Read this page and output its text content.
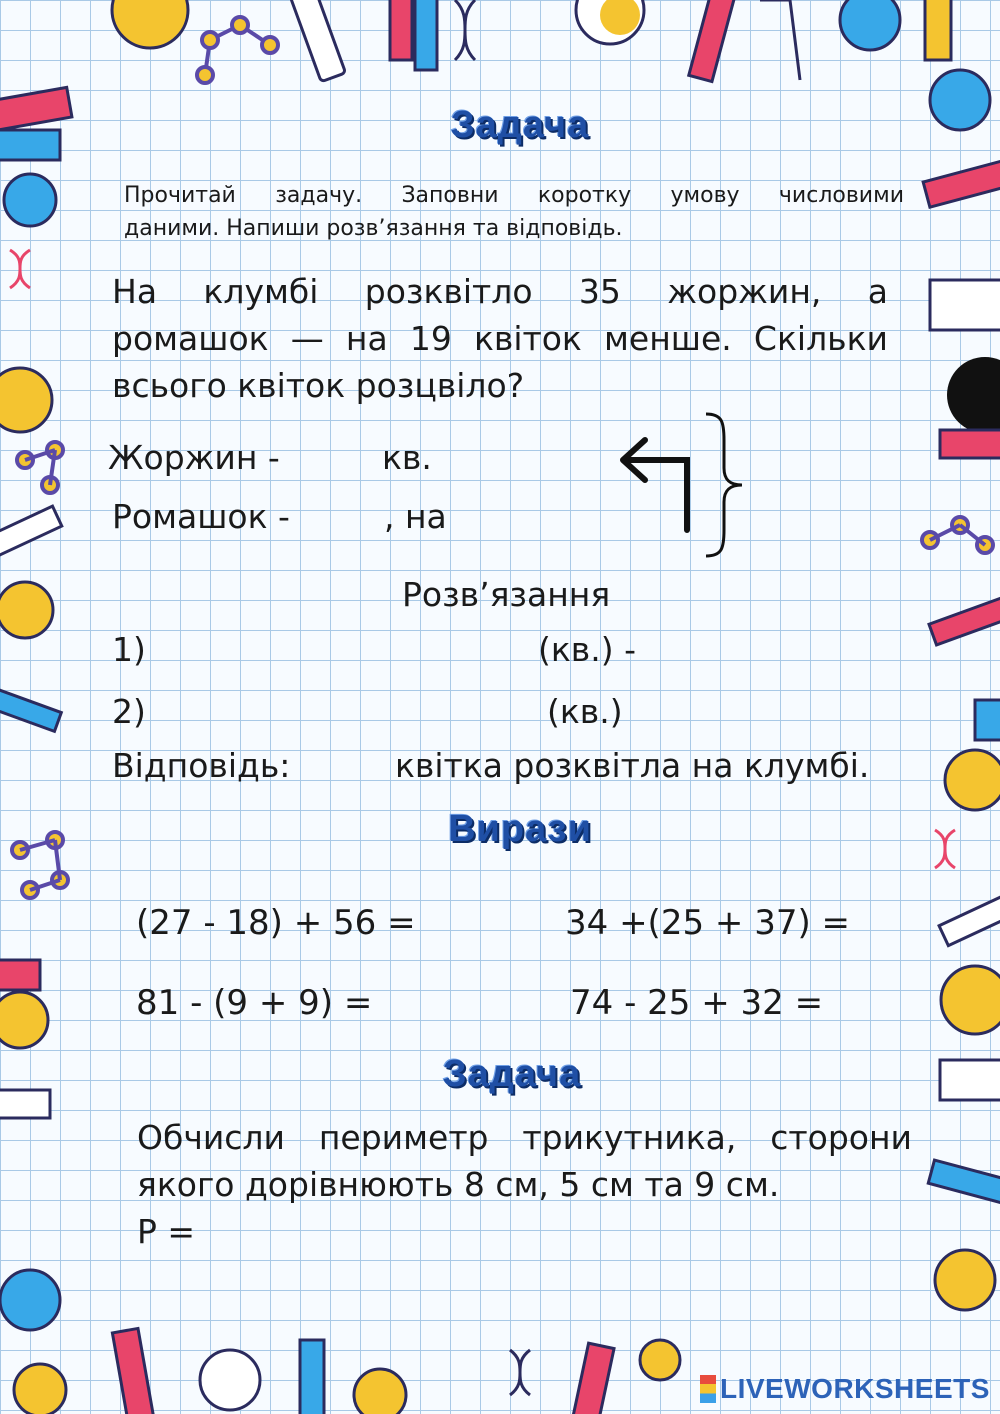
Задача
Прочитай задачу. Заповни коротку умову числовими
даними. Напиши розв’язання та відповідь.
На клумбі розквітло 35 жоржин, а
ромашок — на 19 квіток менше. Скільки
всього квіток розцвіло?
Жоржин -	кв.
Ромашок -	, на
Розв’язання
1)	(кв.) -
2)	(кв.)
Відповідь:	квітка розквітла на клумбі.
Вирази
(27 - 18) + 56 =	34 +(25 + 37) =
81 - (9 + 9) =	74 - 25 + 32 =
Задача
Обчисли периметр трикутника, сторони
якого дорівнюють 8 см, 5 см та 9 см.
P =
LIVEWORKSHEETS
